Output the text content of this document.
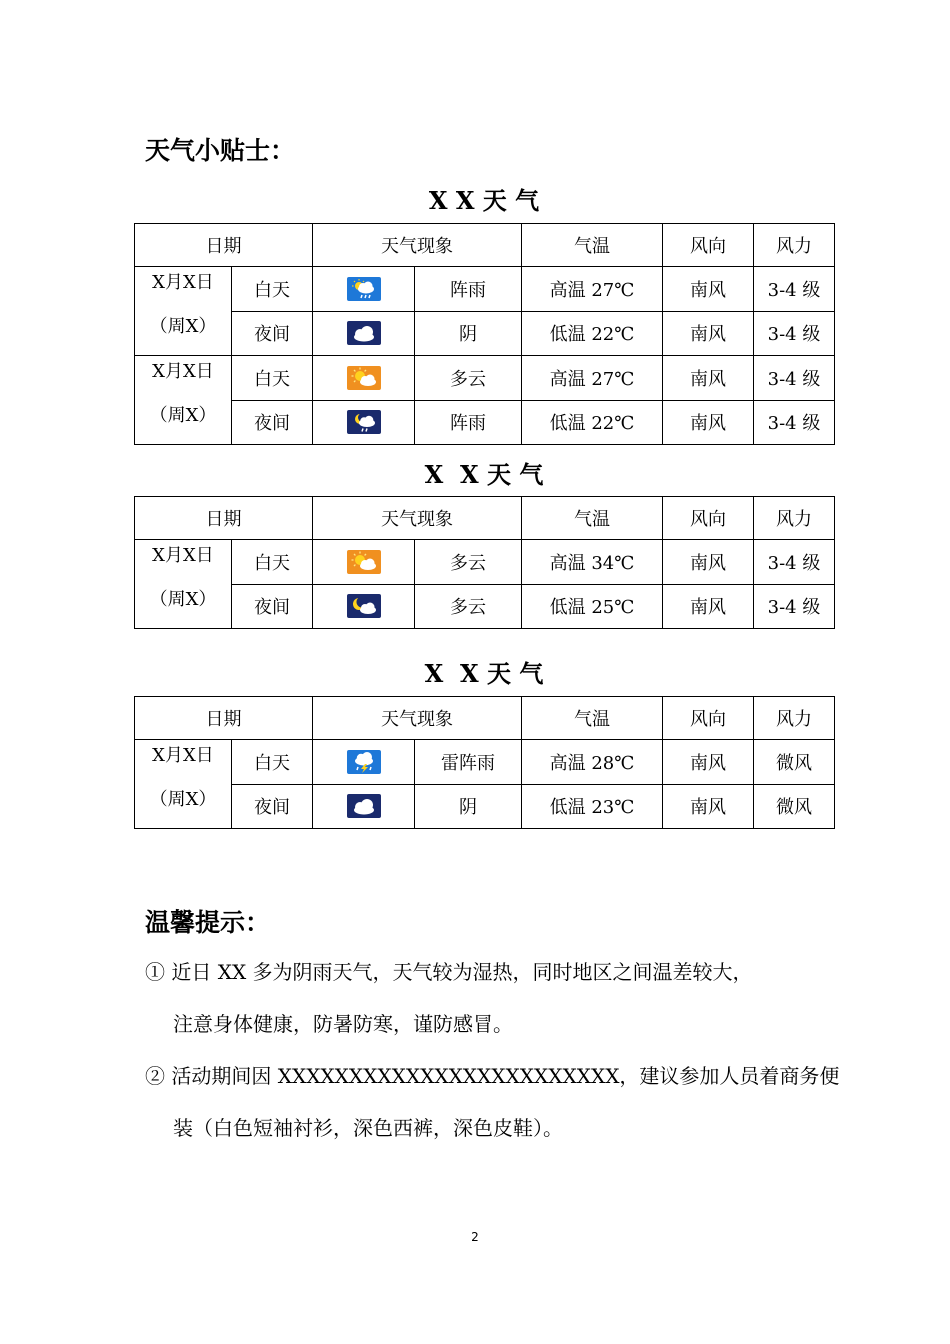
天气小贴士：
X X 天 气
日期		天气现象		气温	风向	风力

X月X日
（周X）	白天		阵雨	高温 27℃	南风	3-4 级
	夜间		阴	低温 22℃	南风	3-4 级

X月X日
（周X）	白天		多云	高温 27℃	南风	3-4 级
	夜间		阵雨	低温 22℃	南风	3-4 级
X  X 天 气
日期		天气现象		气温	风向	风力

X月X日
（周X）	白天		多云	高温 34℃	南风	3-4 级
	夜间		多云	低温 25℃	南风	3-4 级
X  X 天 气
日期		天气现象		气温	风向	风力

X月X日
（周X）	白天		雷阵雨	高温 28℃	南风	微风
	夜间		阴	低温 23℃	南风	微风
温馨提示：
① 近日 XX 多为阴雨天气，天气较为湿热，同时地区之间温差较大，
注意身体健康，防暑防寒，谨防感冒。
② 活动期间因 XXXXXXXXXXXXXXXXXXXXXXXX，建议参加人员着商务便
装（白色短袖衬衫，深色西裤，深色皮鞋）。
2
